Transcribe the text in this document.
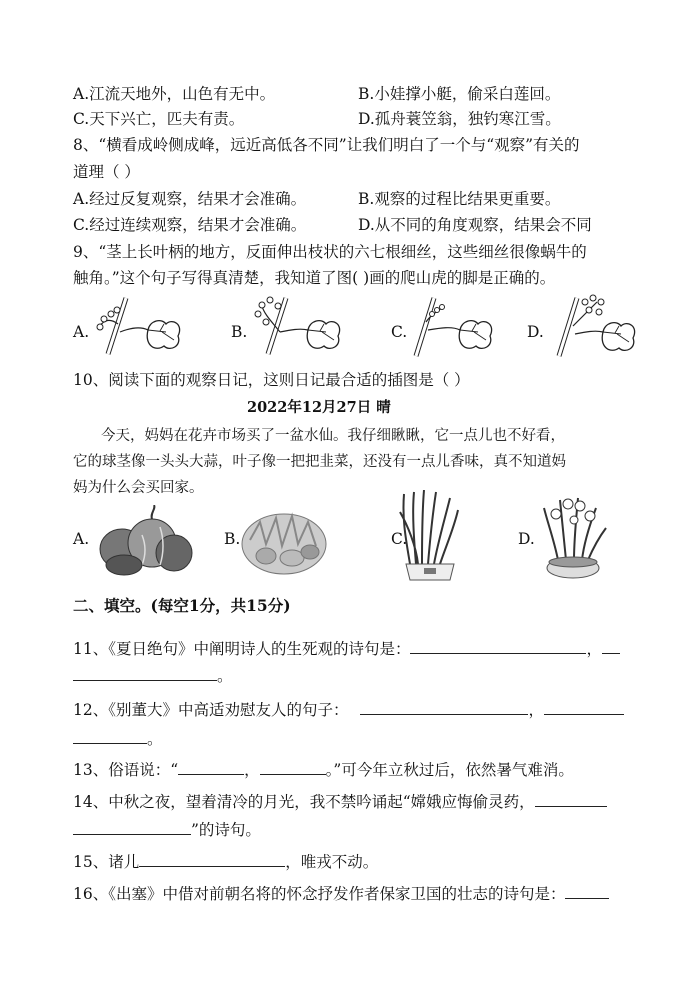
A.江流天地外，山色有无中。	B.小娃撑小艇，偷采白莲回。
C.天下兴亡，匹夫有责。	D.孤舟蓑笠翁，独钓寒江雪。
8、“横看成岭侧成峰，远近高低各不同”让我们明白了一个与“观察”有关的
道理（ ）
A.经过反复观察，结果才会准确。	B.观察的过程比结果更重要。
C.经过连续观察，结果才会准确。	D.从不同的角度观察，结果会不同
9、“茎上长叶柄的地方，反面伸出枝状的六七根细丝，这些细丝很像蜗牛的
触角。”这个句子写得真清楚，我知道了图( )画的爬山虎的脚是正确的。
A.	B.	C.	D.
10、阅读下面的观察日记，这则日记最合适的插图是（ ）
2022年12月27日 晴
今天，妈妈在花卉市场买了一盆水仙。我仔细瞅瞅，它一点儿也不好看，
它的球茎像一头头大蒜，叶子像一把把韭菜，还没有一点儿香味，真不知道妈
妈为什么会买回家。
A.	B.	C.	D.
二、填空。(每空1分，共15分)
11、《夏日绝句》中阐明诗人的生死观的诗句是：	，
。
12、《别董大》中高适劝慰友人的句子：	，
。
13、俗语说：“	，	。”可今年立秋过后，依然暑气难消。
14、中秋之夜，望着清冷的月光，我不禁吟诵起“嫦娥应悔偷灵药，
”的诗句。
15、诸儿	，唯戎不动。
16、《出塞》中借对前朝名将的怀念抒发作者保家卫国的壮志的诗句是：
